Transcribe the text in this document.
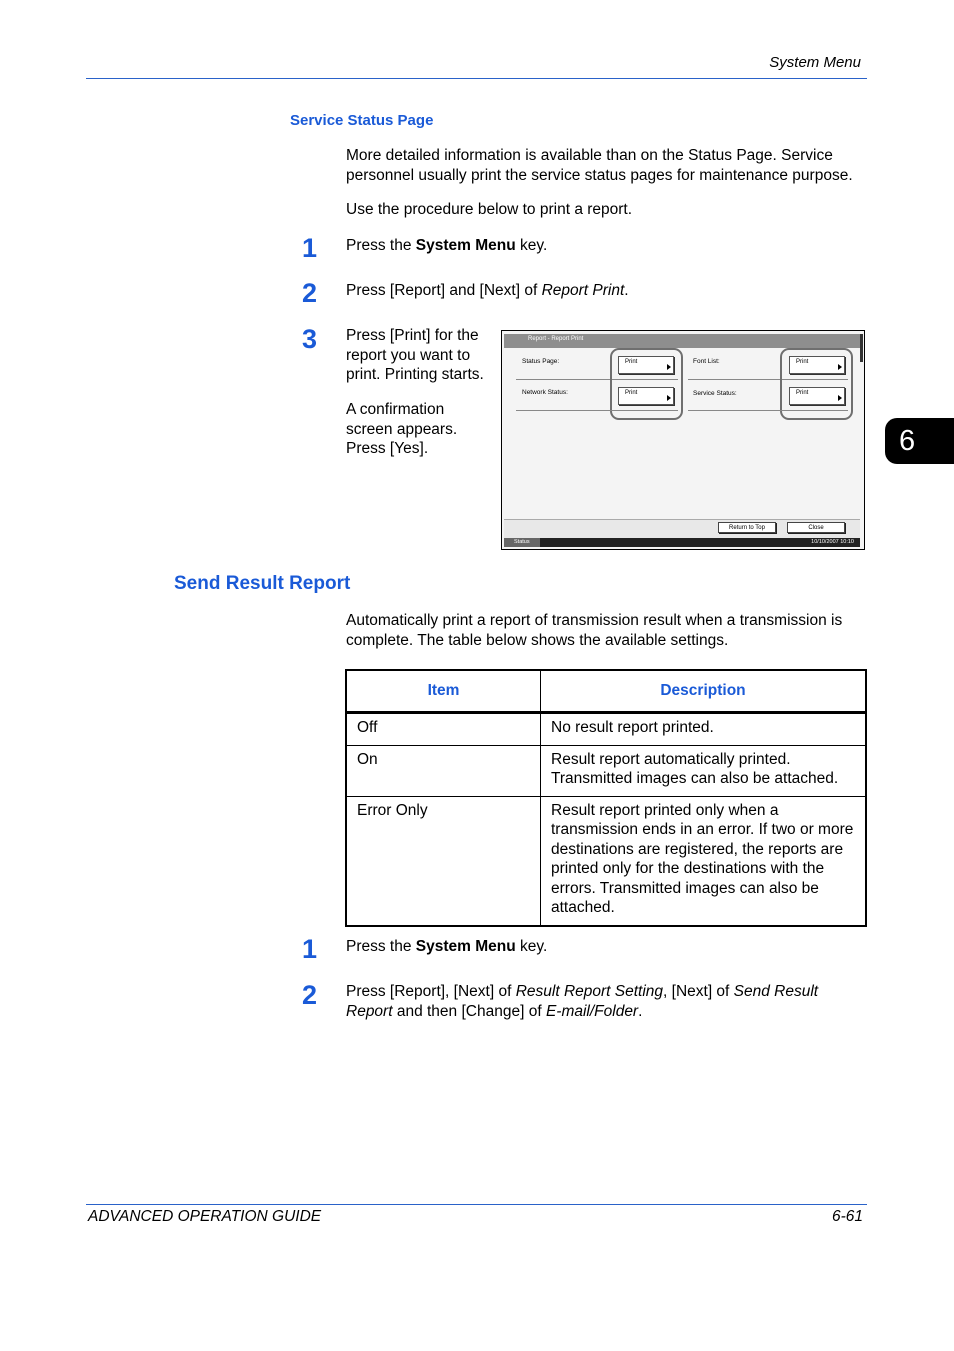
System Menu
6
Service Status Page
More detailed information is available than on the Status Page. Service personnel usually print the service status pages for maintenance purpose.
Use the procedure below to print a report.
1 Press the System Menu key.
2 Press [Report] and [Next] of Report Print.
3 Press [Print] for the report you want to print. Printing starts.
A confirmation screen appears. Press [Yes].
Report - Report Print
Status Page:	Print
Network Status:	Print
Font List:	Print
Service Status:	Print
Return to Top	Close
Status	10/10/2007 10:10
Send Result Report
Automatically print a report of transmission result when a transmission is complete. The table below shows the available settings.
Item	Description
Off	No result report printed.
On	Result report automatically printed. Transmitted images can also be attached.
Error Only	Result report printed only when a transmission ends in an error. If two or more destinations are registered, the reports are printed only for the destinations with the errors. Transmitted images can also be attached.
1 Press the System Menu key.
2 Press [Report], [Next] of Result Report Setting, [Next] of Send Result Report and then [Change] of E-mail/Folder.
ADVANCED OPERATION GUIDE	6-61
